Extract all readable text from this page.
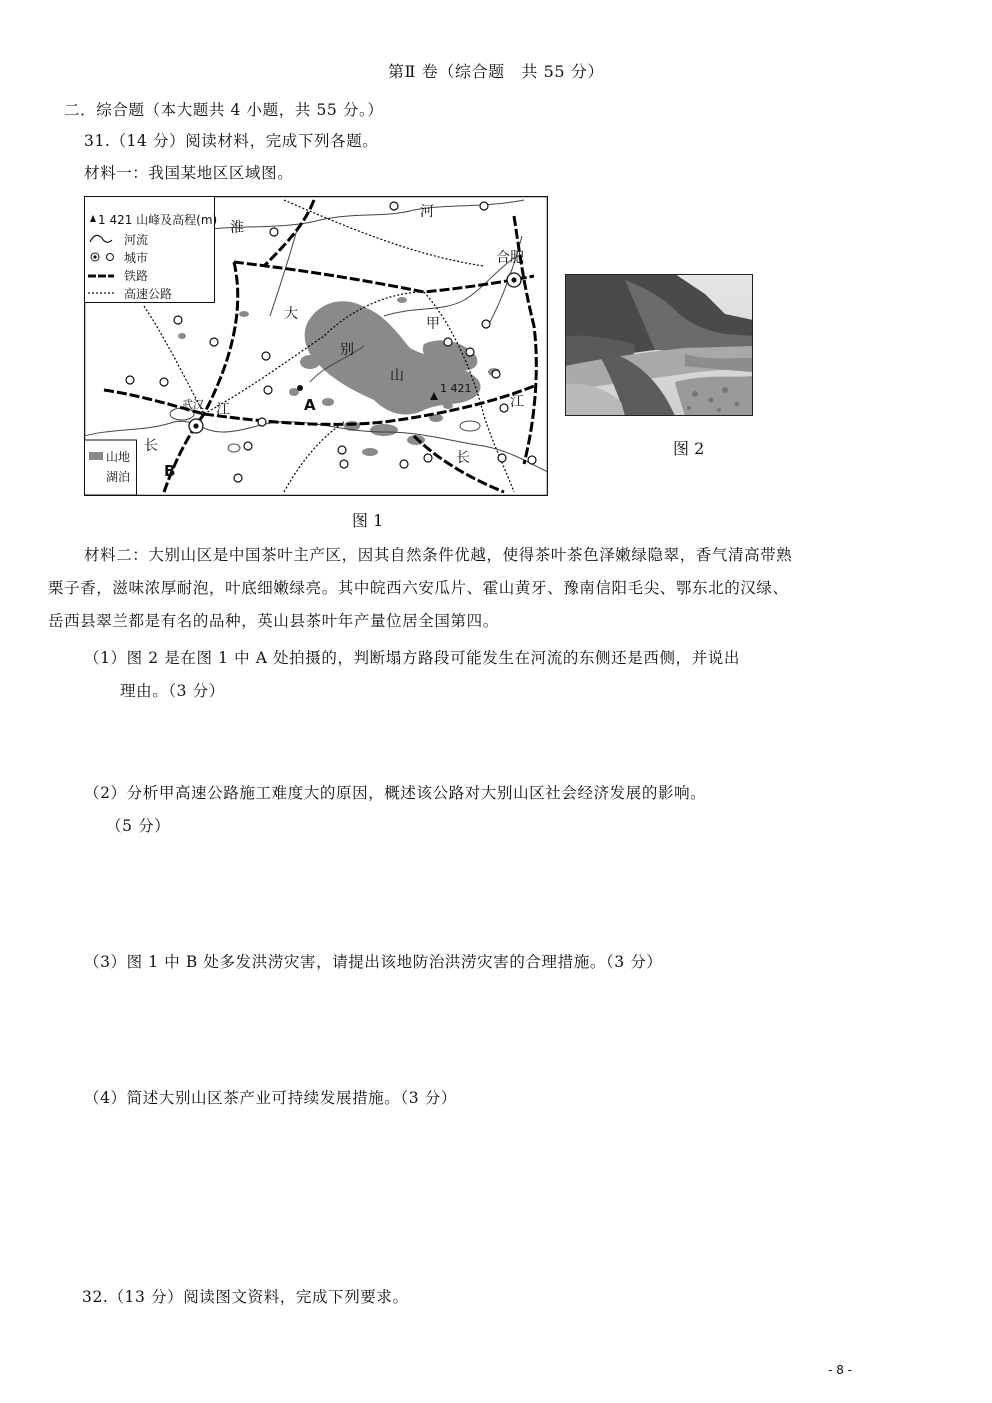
第Ⅱ 卷（综合题　共 55 分）
二．综合题（本大题共 4 小题，共 55 分。）
31.（14 分）阅读材料，完成下列各题。
材料一：我国某地区区域图。
淮
河
合肥
大
别
山
甲
江	江
长
长
武汉
1 421
A
B
1 421 山峰及高程(m)
河流
城市
铁路
高速公路
山地
湖泊
图 1
图 2
材料二：大别山区是中国茶叶主产区，因其自然条件优越，使得茶叶茶色泽嫩绿隐翠，香气清高带熟
栗子香，滋味浓厚耐泡，叶底细嫩绿亮。其中皖西六安瓜片、霍山黄牙、豫南信阳毛尖、鄂东北的汉绿、
岳西县翠兰都是有名的品种，英山县茶叶年产量位居全国第四。
（1）图 2 是在图 1 中 A 处拍摄的，判断塌方路段可能发生在河流的东侧还是西侧，并说出
理由。（3 分）
（2）分析甲高速公路施工难度大的原因，概述该公路对大别山区社会经济发展的影响。
（5 分）
（3）图 1 中 B 处多发洪涝灾害，请提出该地防治洪涝灾害的合理措施。（3 分）
（4）简述大别山区茶产业可持续发展措施。（3 分）
32.（13 分）阅读图文资料，完成下列要求。
- 8 -
